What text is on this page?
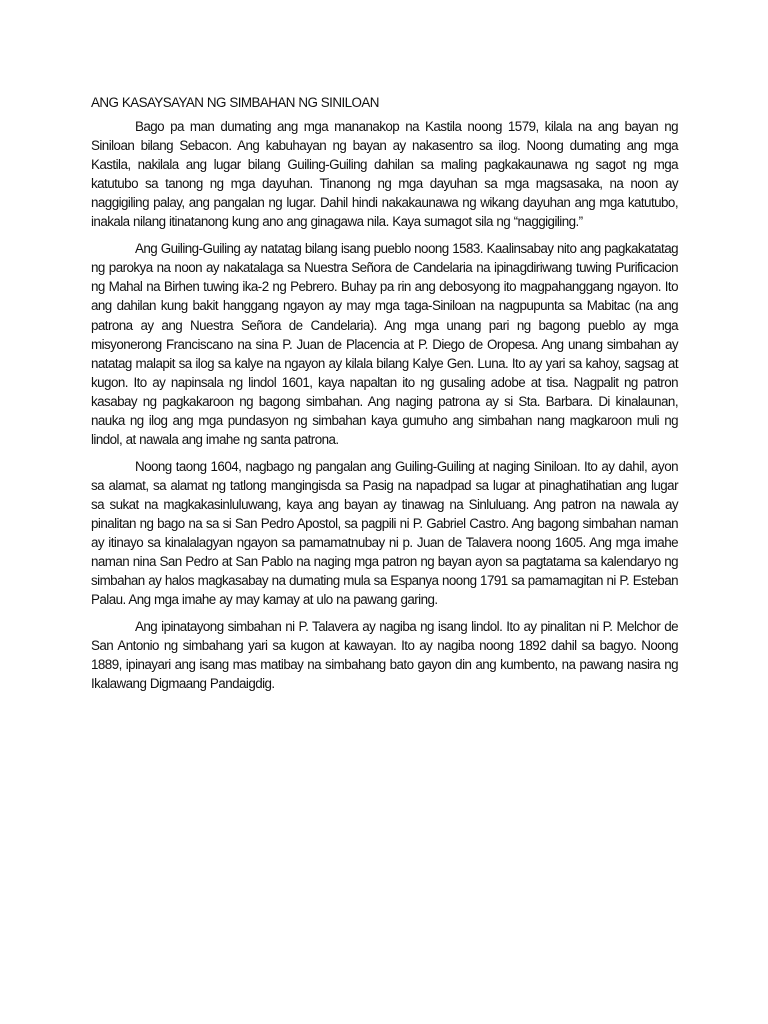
ANG KASAYSAYAN NG SIMBAHAN NG SINILOAN

Bago pa man dumating ang mga mananakop na Kastila noong 1579, kilala na ang bayan ng Siniloan bilang Sebacon. Ang kabuhayan ng bayan ay nakasentro sa ilog. Noong dumating ang mga Kastila, nakilala ang lugar bilang Guiling-Guiling dahilan sa maling pagkakaunawa ng sagot ng mga katutubo sa tanong ng mga dayuhan. Tinanong ng mga dayuhan sa mga magsasaka, na noon ay naggigiling palay, ang pangalan ng lugar. Dahil hindi nakakaunawa ng wikang dayuhan ang mga katutubo, inakala nilang itinatanong kung ano ang ginagawa nila. Kaya sumagot sila ng “naggigiling.”

Ang Guiling-Guiling ay natatag bilang isang pueblo noong 1583. Kaalinsabay nito ang pagkakatatag ng parokya na noon ay nakatalaga sa Nuestra Señora de Candelaria na ipinagdiriwang tuwing Purificacion ng Mahal na Birhen tuwing ika-2 ng Pebrero. Buhay pa rin ang debosyong ito magpahanggang ngayon. Ito ang dahilan kung bakit hanggang ngayon ay may mga taga-Siniloan na nagpupunta sa Mabitac (na ang patrona ay ang Nuestra Señora de Candelaria). Ang mga unang pari ng bagong pueblo ay mga misyonerong Franciscano na sina P. Juan de Placencia at P. Diego de Oropesa. Ang unang simbahan ay natatag malapit sa ilog sa kalye na ngayon ay kilala bilang Kalye Gen. Luna. Ito ay yari sa kahoy, sagsag at kugon. Ito ay napinsala ng lindol 1601, kaya napaltan ito ng gusaling adobe at tisa. Nagpalit ng patron kasabay ng pagkakaroon ng bagong simbahan. Ang naging patrona ay si Sta. Barbara. Di kinalaunan, nauka ng ilog ang mga pundasyon ng simbahan kaya gumuho ang simbahan nang magkaroon muli ng lindol, at nawala ang imahe ng santa patrona.

Noong taong 1604, nagbago ng pangalan ang Guiling-Guiling at naging Siniloan. Ito ay dahil, ayon sa alamat, sa alamat ng tatlong mangingisda sa Pasig na napadpad sa lugar at pinaghatihatian ang lugar sa sukat na magkakasinluluwang, kaya ang bayan ay tinawag na Sinluluang. Ang patron na nawala ay pinalitan ng bago na sa si San Pedro Apostol, sa pagpili ni P. Gabriel Castro. Ang bagong simbahan naman ay itinayo sa kinalalagyan ngayon sa pamamatnubay ni p. Juan de Talavera noong 1605. Ang mga imahe naman nina San Pedro at San Pablo na naging mga patron ng bayan ayon sa pagtatama sa kalendaryo ng simbahan ay halos magkasabay na dumating mula sa Espanya noong 1791 sa pamamagitan ni P. Esteban Palau. Ang mga imahe ay may kamay at ulo na pawang garing.

Ang ipinatayong simbahan ni P. Talavera ay nagiba ng isang lindol. Ito ay pinalitan ni P. Melchor de San Antonio ng simbahang yari sa kugon at kawayan. Ito ay nagiba noong 1892 dahil sa bagyo. Noong 1889, ipinayari ang isang mas matibay na simbahang bato gayon din ang kumbento, na pawang nasira ng Ikalawang Digmaang Pandaigdig.
